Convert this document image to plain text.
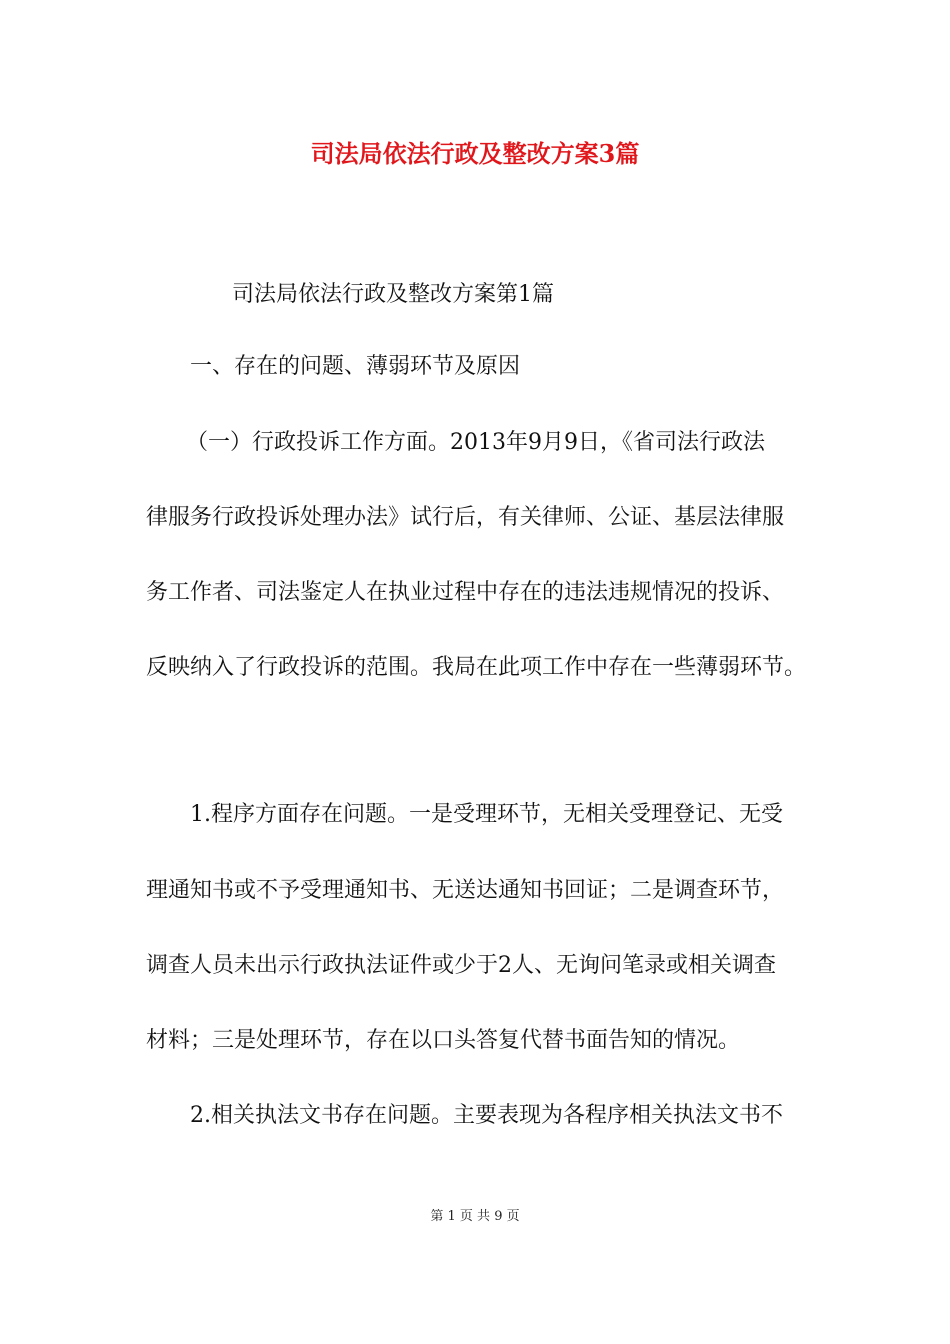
司法局依法行政及整改方案3篇
司法局依法行政及整改方案第1篇
一、存在的问题、薄弱环节及原因
（一）行政投诉工作方面。2013年9月9日，《省司法行政法
律服务行政投诉处理办法》试行后，有关律师、公证、基层法律服
务工作者、司法鉴定人在执业过程中存在的违法违规情况的投诉、
反映纳入了行政投诉的范围。我局在此项工作中存在一些薄弱环节。
1.程序方面存在问题。一是受理环节，无相关受理登记、无受
理通知书或不予受理通知书、无送达通知书回证；二是调查环节，
调查人员未出示行政执法证件或少于2人、无询问笔录或相关调查
材料；三是处理环节，存在以口头答复代替书面告知的情况。
2.相关执法文书存在问题。主要表现为各程序相关执法文书不
第 1 页 共 9 页
